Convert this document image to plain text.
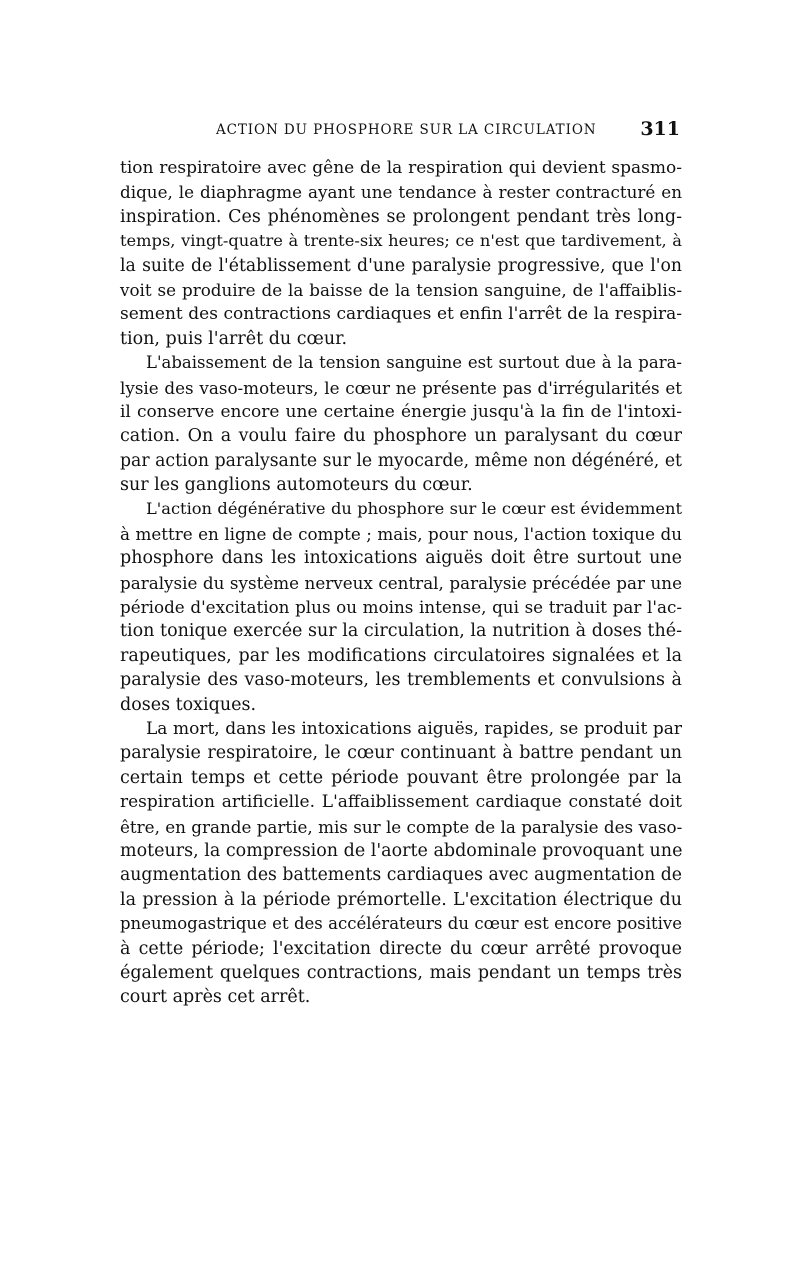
ACTION DU PHOSPHORE SUR LA CIRCULATION 311
tion respiratoire avec gêne de la respiration qui devient spasmo-
dique, le diaphragme ayant une tendance à rester contracturé en
inspiration. Ces phénomènes se prolongent pendant très long-
temps, vingt-quatre à trente-six heures; ce n'est que tardivement, à
la suite de l'établissement d'une paralysie progressive, que l'on
voit se produire de la baisse de la tension sanguine, de l'affaiblis-
sement des contractions cardiaques et enfin l'arrêt de la respira-
tion, puis l'arrêt du cœur.
L'abaissement de la tension sanguine est surtout due à la para-
lysie des vaso-moteurs, le cœur ne présente pas d'irrégularités et
il conserve encore une certaine énergie jusqu'à la fin de l'intoxi-
cation. On a voulu faire du phosphore un paralysant du cœur
par action paralysante sur le myocarde, même non dégénéré, et
sur les ganglions automoteurs du cœur.
L'action dégénérative du phosphore sur le cœur est évidemment
à mettre en ligne de compte ; mais, pour nous, l'action toxique du
phosphore dans les intoxications aiguës doit être surtout une
paralysie du système nerveux central, paralysie précédée par une
période d'excitation plus ou moins intense, qui se traduit par l'ac-
tion tonique exercée sur la circulation, la nutrition à doses thé-
rapeutiques, par les modifications circulatoires signalées et la
paralysie des vaso-moteurs, les tremblements et convulsions à
doses toxiques.
La mort, dans les intoxications aiguës, rapides, se produit par
paralysie respiratoire, le cœur continuant à battre pendant un
certain temps et cette période pouvant être prolongée par la
respiration artificielle. L'affaiblissement cardiaque constaté doit
être, en grande partie, mis sur le compte de la paralysie des vaso-
moteurs, la compression de l'aorte abdominale provoquant une
augmentation des battements cardiaques avec augmentation de
la pression à la période prémortelle. L'excitation électrique du
pneumogastrique et des accélérateurs du cœur est encore positive
à cette période; l'excitation directe du cœur arrêté provoque
également quelques contractions, mais pendant un temps très
court après cet arrêt.
